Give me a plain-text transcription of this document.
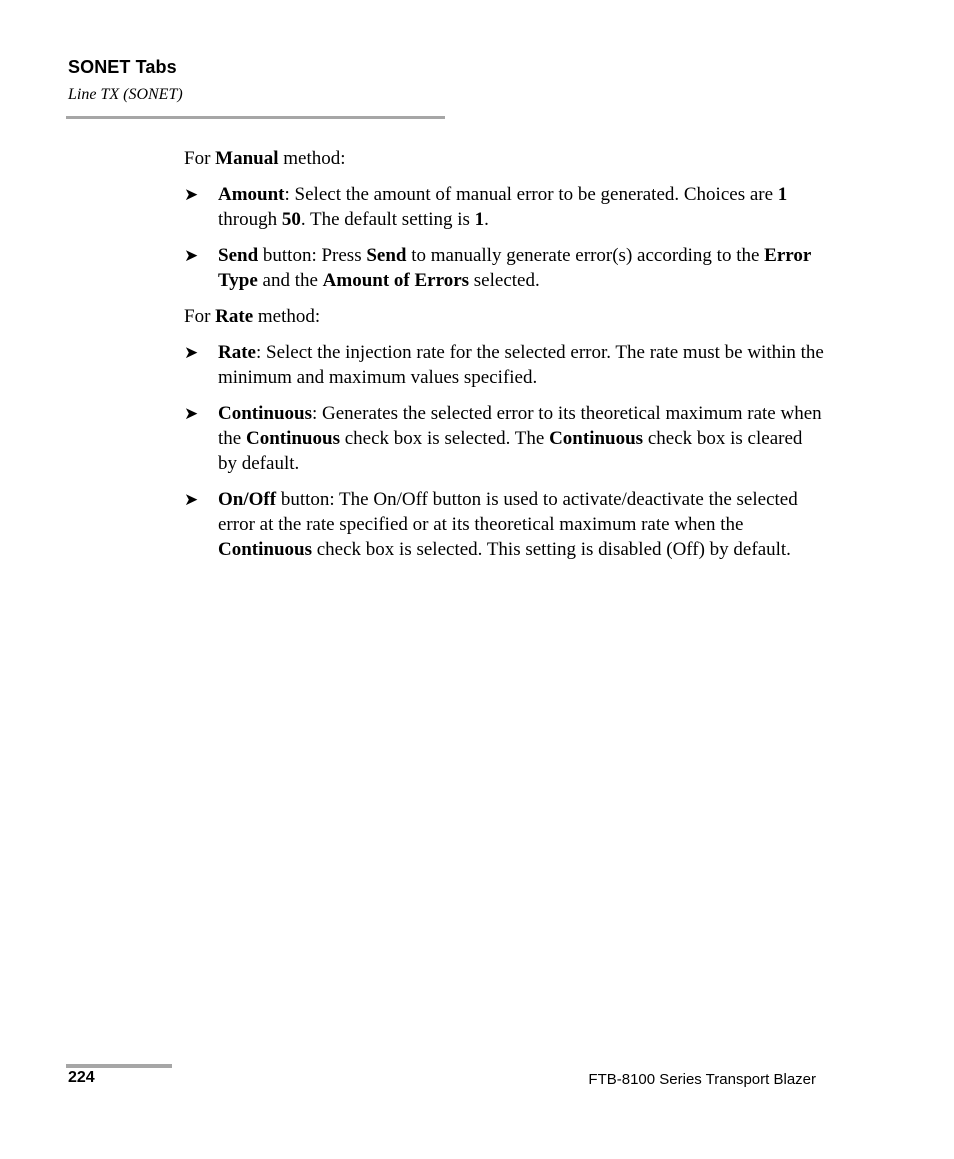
SONET Tabs
Line TX (SONET)

For Manual method:

➤ Amount: Select the amount of manual error to be generated. Choices are 1 through 50. The default setting is 1.
➤ Send button: Press Send to manually generate error(s) according to the Error Type and the Amount of Errors selected.

For Rate method:

➤ Rate: Select the injection rate for the selected error. The rate must be within the minimum and maximum values specified.
➤ Continuous: Generates the selected error to its theoretical maximum rate when the Continuous check box is selected. The Continuous check box is cleared by default.
➤ On/Off button: The On/Off button is used to activate/deactivate the selected error at the rate specified or at its theoretical maximum rate when the Continuous check box is selected. This setting is disabled (Off) by default.
224	FTB-8100 Series Transport Blazer
